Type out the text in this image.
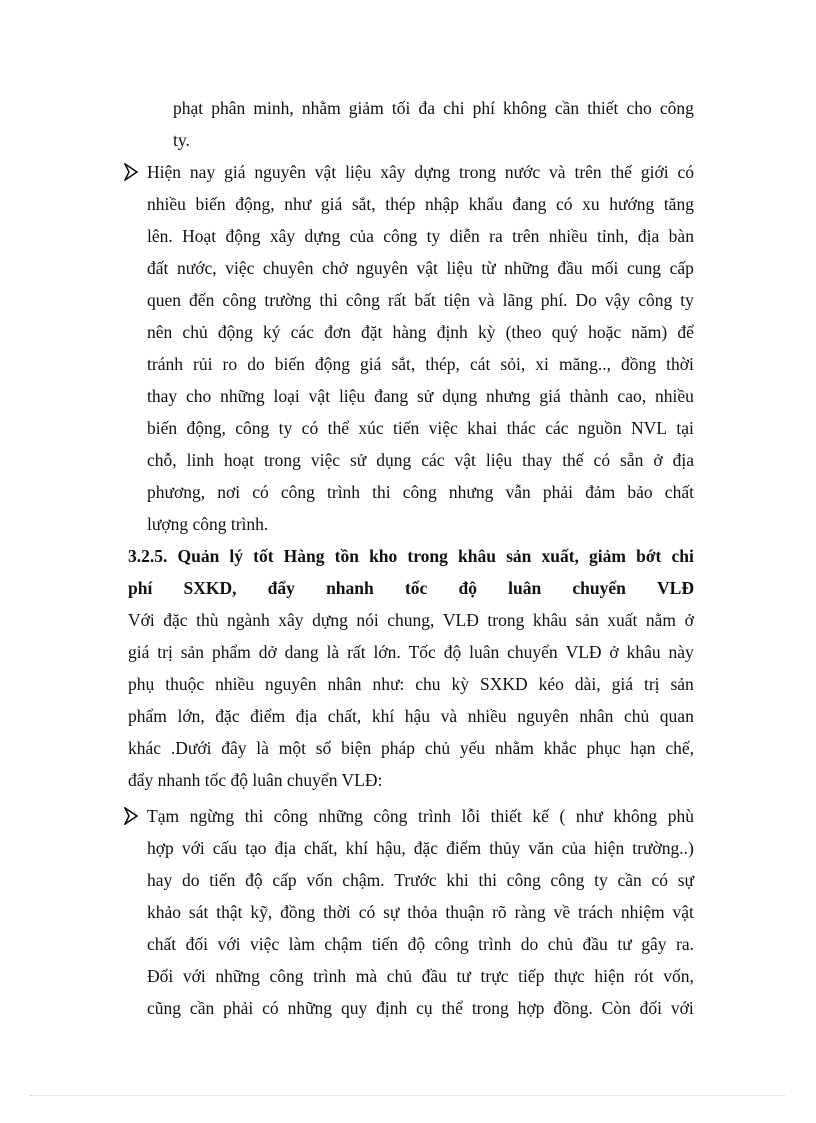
phạt phân minh, nhằm giảm tối đa chi phí không cần thiết cho công
ty.
Hiện nay giá nguyên vật liệu xây dựng trong nước và trên thế giới có
nhiều biến động, như giá sắt, thép nhập khẩu đang có xu hướng tăng
lên. Hoạt động xây dựng của công ty diễn ra trên nhiều tỉnh, địa bàn
đất nước, việc chuyên chở nguyên vật liệu từ những đầu mối cung cấp
quen đến công trường thi công rất bất tiện và lãng phí. Do vậy công ty
nên chủ động ký các đơn đặt hàng định kỳ (theo quý hoặc năm) để
tránh rủi ro do biến động giá sắt, thép, cát sỏi, xi măng.., đồng thời
thay cho những loại vật liệu đang sử dụng nhưng giá thành cao, nhiều
biến động, công ty có thể xúc tiến việc khai thác các nguồn NVL tại
chỗ, linh hoạt trong việc sử dụng các vật liệu thay thế có sẵn ở địa
phương, nơi có công trình thi công nhưng vẫn phải đảm bảo chất
lượng công trình.
3.2.5. Quản lý tốt Hàng tồn kho trong khâu sản xuất, giảm bớt chi
phí SXKD, đẩy nhanh tốc độ luân chuyển VLĐ
Với đặc thù ngành xây dựng nói chung, VLĐ trong khâu sản xuất nằm ở
giá trị sản phẩm dở dang là rất lớn. Tốc độ luân chuyển VLĐ ở khâu này
phụ thuộc nhiều nguyên nhân như: chu kỳ SXKD kéo dài, giá trị sản
phẩm lớn, đặc điểm địa chất, khí hậu và nhiều nguyên nhân chủ quan
khác .Dưới đây là một số biện pháp chủ yếu nhằm khắc phục hạn chế,
đẩy nhanh tốc độ luân chuyển VLĐ:
Tạm ngừng thi công những công trình lỗi thiết kế ( như không phù
hợp với cấu tạo địa chất, khí hậu, đặc điểm thủy văn của hiện trường..)
hay do tiến độ cấp vốn chậm. Trước khi thi công công ty cần có sự
khảo sát thật kỹ, đồng thời có sự thỏa thuận rõ ràng về trách nhiệm vật
chất đối với việc làm chậm tiến độ công trình do chủ đầu tư gây ra.
Đối với những công trình mà chủ đầu tư trực tiếp thực hiện rót vốn,
cũng cần phải có những quy định cụ thể trong hợp đồng. Còn đối với
